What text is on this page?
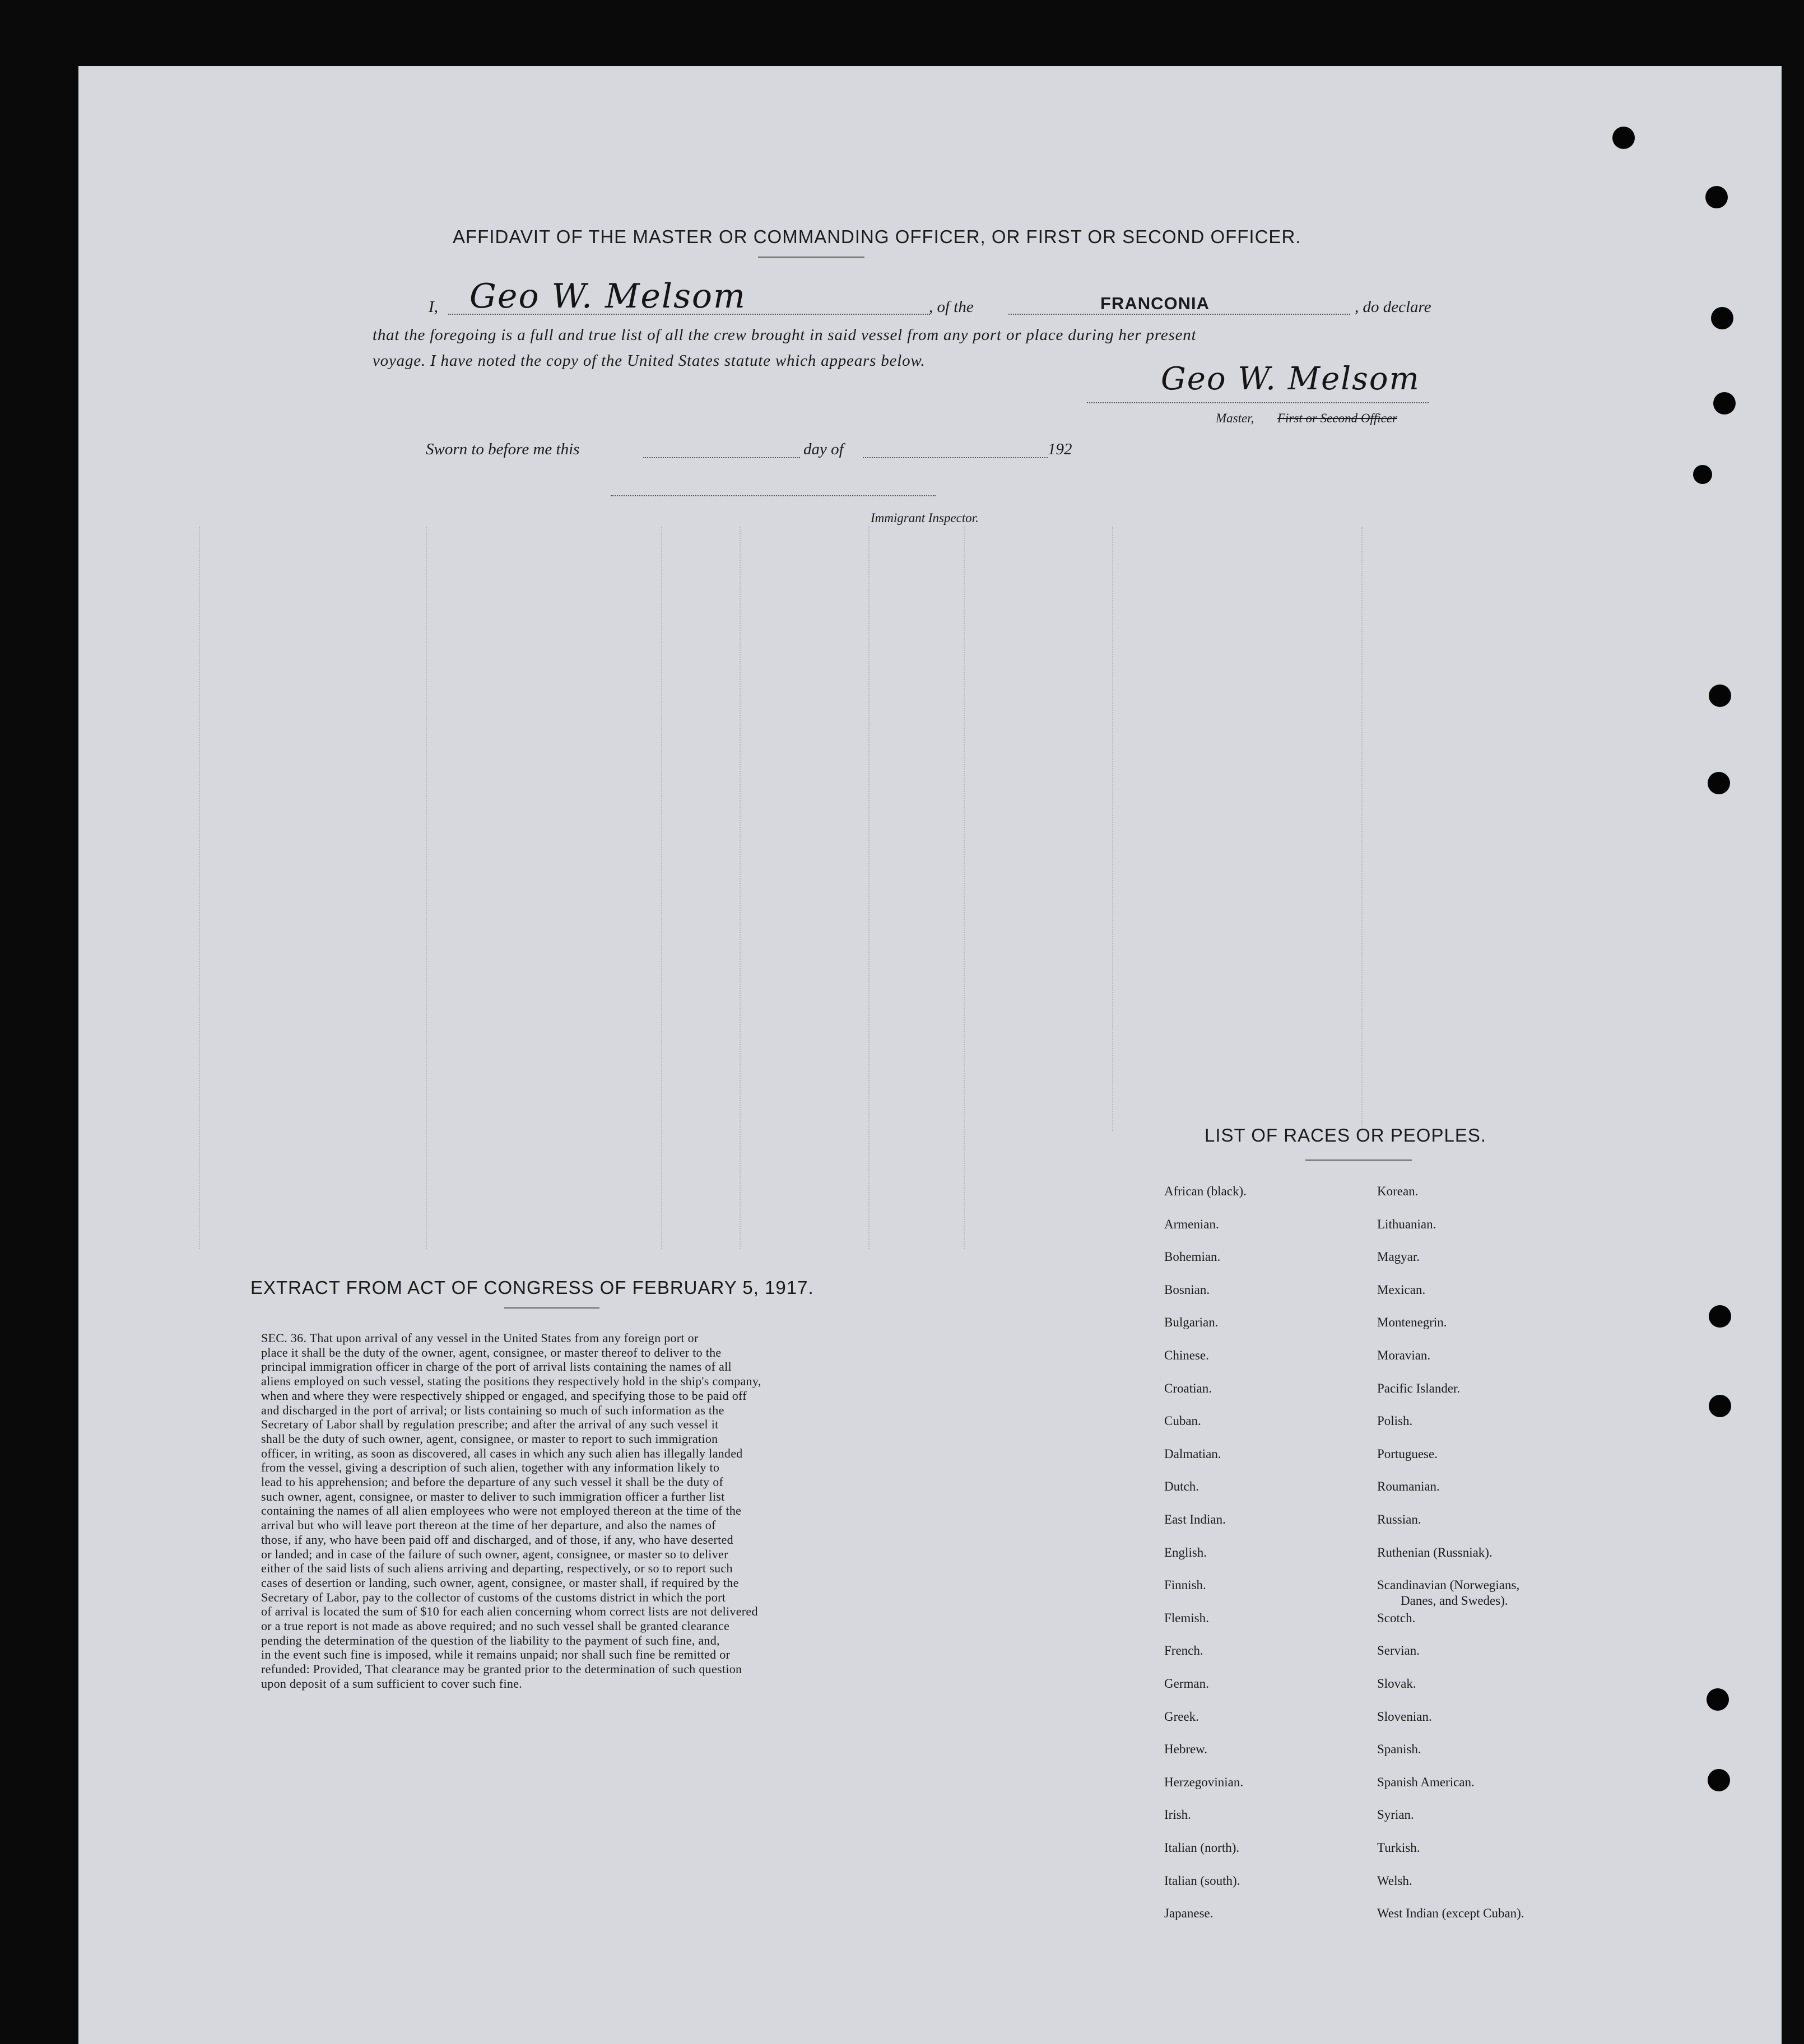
AFFIDAVIT OF THE MASTER OR COMMANDING OFFICER, OR FIRST OR SECOND OFFICER.
I, Geo W. Melsom	, of the	FRANCONIA	, do declare
that the foregoing is a full and true list of all the crew brought in said vessel from any port or place during her present
voyage. I have noted the copy of the United States statute which appears below.	Geo W. Melsom
Master, First or Second Officer
Sworn to before me this	day of	192
Immigrant Inspector.
EXTRACT FROM ACT OF CONGRESS OF FEBRUARY 5, 1917.
SEC. 36. That upon arrival of any vessel in the United States from any foreign port or
place it shall be the duty of the owner, agent, consignee, or master thereof to deliver to the
principal immigration officer in charge of the port of arrival lists containing the names of all
aliens employed on such vessel, stating the positions they respectively hold in the ship's company,
when and where they were respectively shipped or engaged, and specifying those to be paid off
and discharged in the port of arrival; or lists containing so much of such information as the
Secretary of Labor shall by regulation prescribe; and after the arrival of any such vessel it
shall be the duty of such owner, agent, consignee, or master to report to such immigration
officer, in writing, as soon as discovered, all cases in which any such alien has illegally landed
from the vessel, giving a description of such alien, together with any information likely to
lead to his apprehension; and before the departure of any such vessel it shall be the duty of
such owner, agent, consignee, or master to deliver to such immigration officer a further list
containing the names of all alien employees who were not employed thereon at the time of the
arrival but who will leave port thereon at the time of her departure, and also the names of
those, if any, who have been paid off and discharged, and of those, if any, who have deserted
or landed; and in case of the failure of such owner, agent, consignee, or master so to deliver
either of the said lists of such aliens arriving and departing, respectively, or so to report such
cases of desertion or landing, such owner, agent, consignee, or master shall, if required by the
Secretary of Labor, pay to the collector of customs of the customs district in which the port
of arrival is located the sum of $10 for each alien concerning whom correct lists are not delivered
or a true report is not made as above required; and no such vessel shall be granted clearance
pending the determination of the question of the liability to the payment of such fine, and,
in the event such fine is imposed, while it remains unpaid; nor shall such fine be remitted or
refunded: Provided, That clearance may be granted prior to the determination of such question
upon deposit of a sum sufficient to cover such fine.
LIST OF RACES OR PEOPLES.
African (black).
Armenian.
Bohemian.
Bosnian.
Bulgarian.
Chinese.
Croatian.
Cuban.
Dalmatian.
Dutch.
East Indian.
English.
Finnish.
Flemish.
French.
German.
Greek.
Hebrew.
Herzegovinian.
Irish.
Italian (north).
Italian (south).
Japanese.
Korean.
Lithuanian.
Magyar.
Mexican.
Montenegrin.
Moravian.
Pacific Islander.
Polish.
Portuguese.
Roumanian.
Russian.
Ruthenian (Russniak).
Scandinavian (Norwegians,
Danes, and Swedes).
Scotch.
Servian.
Slovak.
Slovenian.
Spanish.
Spanish American.
Syrian.
Turkish.
Welsh.
West Indian (except Cuban).
